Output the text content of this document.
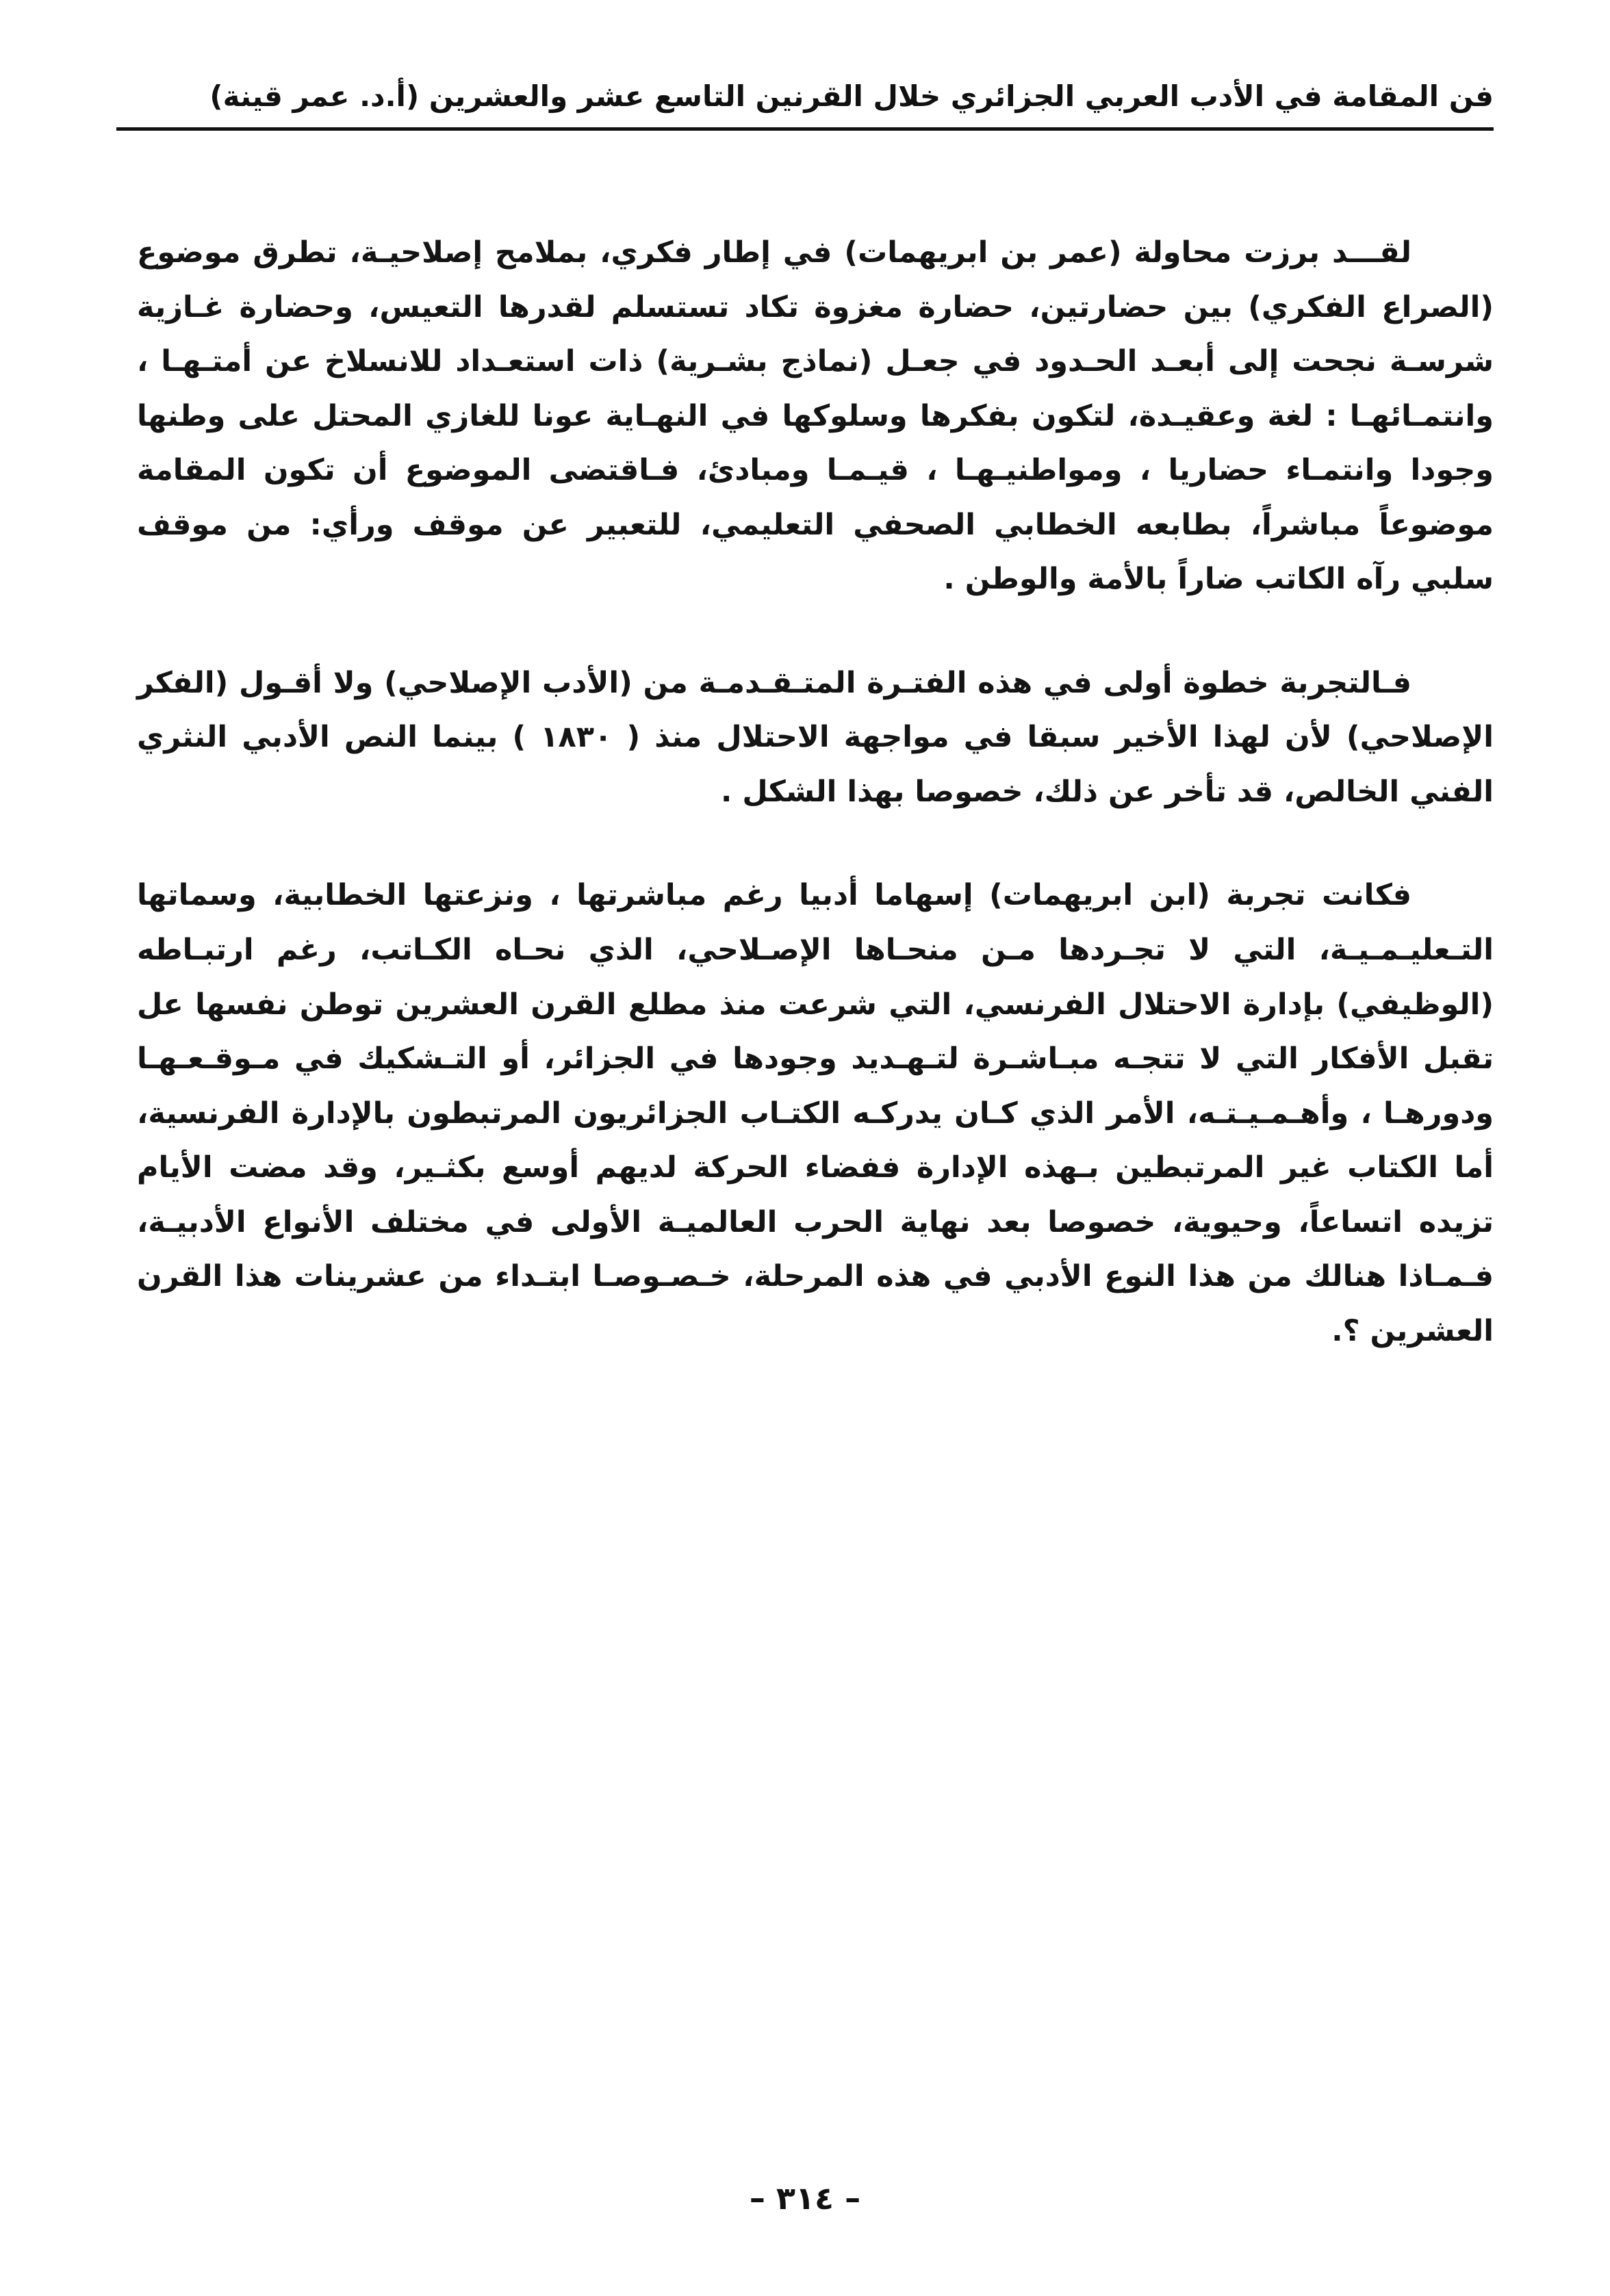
فن المقامة في الأدب العربي الجزائري خلال القرنين التاسع عشر والعشرين (أ.د. عمر قينة)

لقـــد برزت محاولة (عمر بن ابريهمات) في إطار فكري، بملامح إصلاحيـة، تطرق موضوع (الصراع الفكري) بين حضارتين، حضارة مغزوة تكاد تستسلم لقدرها التعيس، وحضارة غـازية شرسـة نجحت إلى أبعـد الحـدود في جعـل (نماذج بشـرية) ذات استعـداد للانسلاخ عن أمتـهـا ، وانتمـائهـا : لغة وعقيـدة، لتكون بفكرها وسلوكها في النهـاية عونا للغازي المحتل على وطنها وجودا وانتمـاء حضاريا ، ومواطنيـهـا ، قيـمـا ومبادئ، فـاقتضى الموضوع أن تكون المقامة موضوعاً مباشراً، بطابعه الخطابي الصحفي التعليمي، للتعبير عن موقف ورأي: من موقف سلبي رآه الكاتب ضاراً بالأمة والوطن .

فـالتجربة خطوة أولى في هذه الفتـرة المتـقـدمـة من (الأدب الإصلاحي) ولا أقـول (الفكر الإصلاحي) لأن لهذا الأخير سبقا في مواجهة الاحتلال منذ ( ١٨٣٠ ) بينما النص الأدبي النثري الفني الخالص، قد تأخر عن ذلك، خصوصا بهذا الشكل .

فكانت تجربة (ابن ابريهمات) إسهاما أدبيا رغم مباشرتها ، ونزعتها الخطابية، وسماتها التـعليـمـيـة، التي لا تجـردها مـن منحـاها الإصـلاحي، الذي نحـاه الكـاتب، رغم ارتبـاطه (الوظيفي) بإدارة الاحتلال الفرنسي، التي شرعت منذ مطلع القرن العشرين توطن نفسها عل تقبل الأفكار التي لا تتجـه مبـاشـرة لتـهـديد وجودها في الجزائر، أو التـشكيك في مـوقـعـهـا ودورهـا ، وأهـمـيـتـه، الأمر الذي كـان يدركـه الكتـاب الجزائريون المرتبطون بالإدارة الفرنسية، أما الكتاب غير المرتبطين بـهذه الإدارة ففضاء الحركة لديهم أوسع بكثـير، وقد مضت الأيام تزيده اتساعاً، وحيوية، خصوصا بعد نهاية الحرب العالميـة الأولى في مختلف الأنواع الأدبيـة، فـمـاذا هنالك من هذا النوع الأدبي في هذه المرحلة، خـصـوصـا ابتـداء من عشرينات هذا القرن العشرين ؟.

– ٣١٤ –
